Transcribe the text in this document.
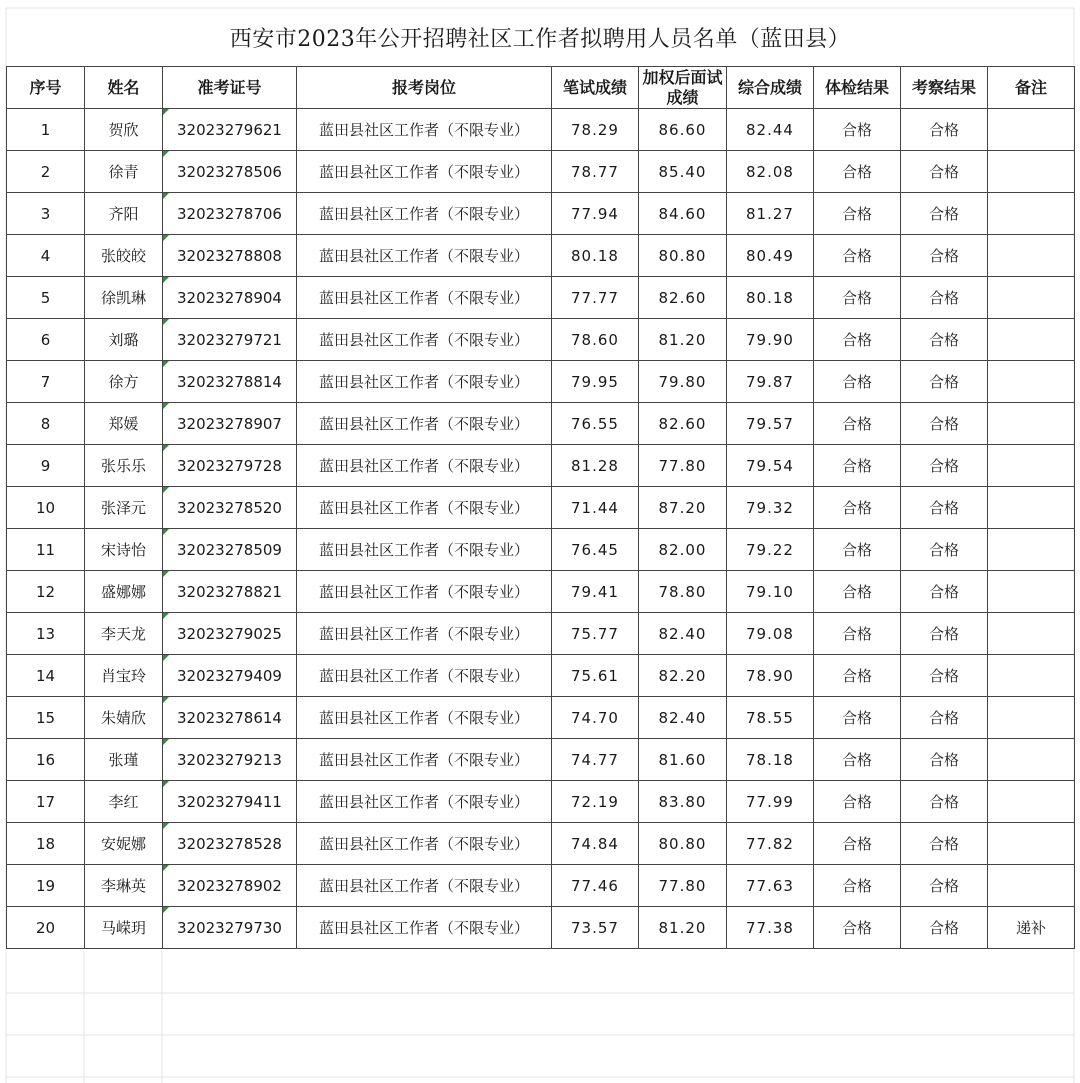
西安市2023年公开招聘社区工作者拟聘用人员名单（蓝田县）
序号	姓名	准考证号	报考岗位	笔试成绩	加权后面试成绩	综合成绩	体检结果	考察结果	备注
1	贺欣	32023279621	蓝田县社区工作者（不限专业）	78.29	86.60	82.44	合格	合格	
2	徐青	32023278506	蓝田县社区工作者（不限专业）	78.77	85.40	82.08	合格	合格	
3	齐阳	32023278706	蓝田县社区工作者（不限专业）	77.94	84.60	81.27	合格	合格	
4	张皎皎	32023278808	蓝田县社区工作者（不限专业）	80.18	80.80	80.49	合格	合格	
5	徐凯琳	32023278904	蓝田县社区工作者（不限专业）	77.77	82.60	80.18	合格	合格	
6	刘璐	32023279721	蓝田县社区工作者（不限专业）	78.60	81.20	79.90	合格	合格	
7	徐方	32023278814	蓝田县社区工作者（不限专业）	79.95	79.80	79.87	合格	合格	
8	郑媛	32023278907	蓝田县社区工作者（不限专业）	76.55	82.60	79.57	合格	合格	
9	张乐乐	32023279728	蓝田县社区工作者（不限专业）	81.28	77.80	79.54	合格	合格	
10	张泽元	32023278520	蓝田县社区工作者（不限专业）	71.44	87.20	79.32	合格	合格	
11	宋诗怡	32023278509	蓝田县社区工作者（不限专业）	76.45	82.00	79.22	合格	合格	
12	盛娜娜	32023278821	蓝田县社区工作者（不限专业）	79.41	78.80	79.10	合格	合格	
13	李天龙	32023279025	蓝田县社区工作者（不限专业）	75.77	82.40	79.08	合格	合格	
14	肖宝玲	32023279409	蓝田县社区工作者（不限专业）	75.61	82.20	78.90	合格	合格	
15	朱婧欣	32023278614	蓝田县社区工作者（不限专业）	74.70	82.40	78.55	合格	合格	
16	张瑾	32023279213	蓝田县社区工作者（不限专业）	74.77	81.60	78.18	合格	合格	
17	李红	32023279411	蓝田县社区工作者（不限专业）	72.19	83.80	77.99	合格	合格	
18	安妮娜	32023278528	蓝田县社区工作者（不限专业）	74.84	80.80	77.82	合格	合格	
19	李琳英	32023278902	蓝田县社区工作者（不限专业）	77.46	77.80	77.63	合格	合格	
20	马嵘玥	32023279730	蓝田县社区工作者（不限专业）	73.57	81.20	77.38	合格	合格	递补
